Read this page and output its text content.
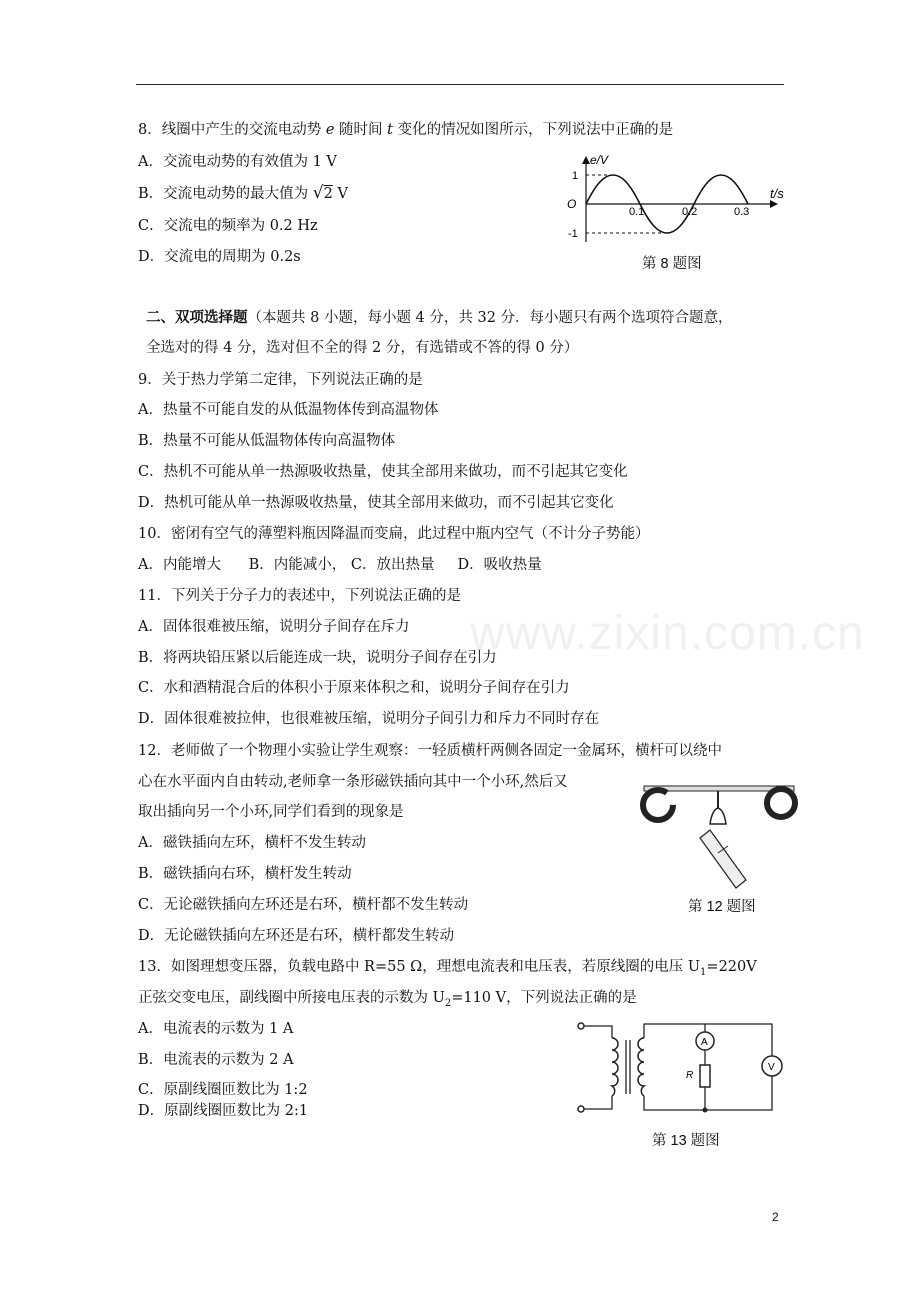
www.zixin.com.cn
8．线圈中产生的交流电动势 e 随时间 t 变化的情况如图所示，下列说法中正确的是
A．交流电动势的有效值为 1 V
B．交流电动势的最大值为 √2 V
C．交流电的频率为 0.2 Hz
D．交流电的周期为 0.2s
e/V
t/s
O
1
-1
0.1	0.2	0.3
第 8 题图
二、双项选择题（本题共 8 小题，每小题 4 分，共 32 分．每小题只有两个选项符合题意，
全选对的得 4 分，选对但不全的得 2 分，有选错或不答的得 0 分）
9．关于热力学第二定律，下列说法正确的是
A．热量不可能自发的从低温物体传到高温物体
B．热量不可能从低温物体传向高温物体
C．热机不可能从单一热源吸收热量，使其全部用来做功，而不引起其它变化
D．热机可能从单一热源吸收热量，使其全部用来做功，而不引起其它变化
10．密闭有空气的薄塑料瓶因降温而变扁，此过程中瓶内空气（不计分子势能）
A．内能增大      B．内能减小， C．放出热量     D．吸收热量
11．下列关于分子力的表述中，下列说法正确的是
A．固体很难被压缩，说明分子间存在斥力
B．将两块铅压紧以后能连成一块，说明分子间存在引力
C．水和酒精混合后的体积小于原来体积之和，说明分子间存在引力
D．固体很难被拉伸，也很难被压缩，说明分子间引力和斥力不同时存在
12．老师做了一个物理小实验让学生观察：一轻质横杆两侧各固定一金属环，横杆可以绕中
心在水平面内自由转动,老师拿一条形磁铁插向其中一个小环,然后又
取出插向另一个小环,同学们看到的现象是
A．磁铁插向左环，横杆不发生转动
B．磁铁插向右环，横杆发生转动
C．无论磁铁插向左环还是右环，横杆都不发生转动
D．无论磁铁插向左环还是右环，横杆都发生转动
第 12 题图
13．如图理想变压器，负载电路中 R=55 Ω，理想电流表和电压表，若原线圈的电压 $U_1=220V$
正弦交变电压，副线圈中所接电压表的示数为 $U_2=110$ V，下列说法正确的是
A．电流表的示数为 1 A
B．电流表的示数为 2 A
C．原副线圈匝数比为 1:2
D．原副线圈匝数比为 2:1
A
R
V
第 13 题图
2
